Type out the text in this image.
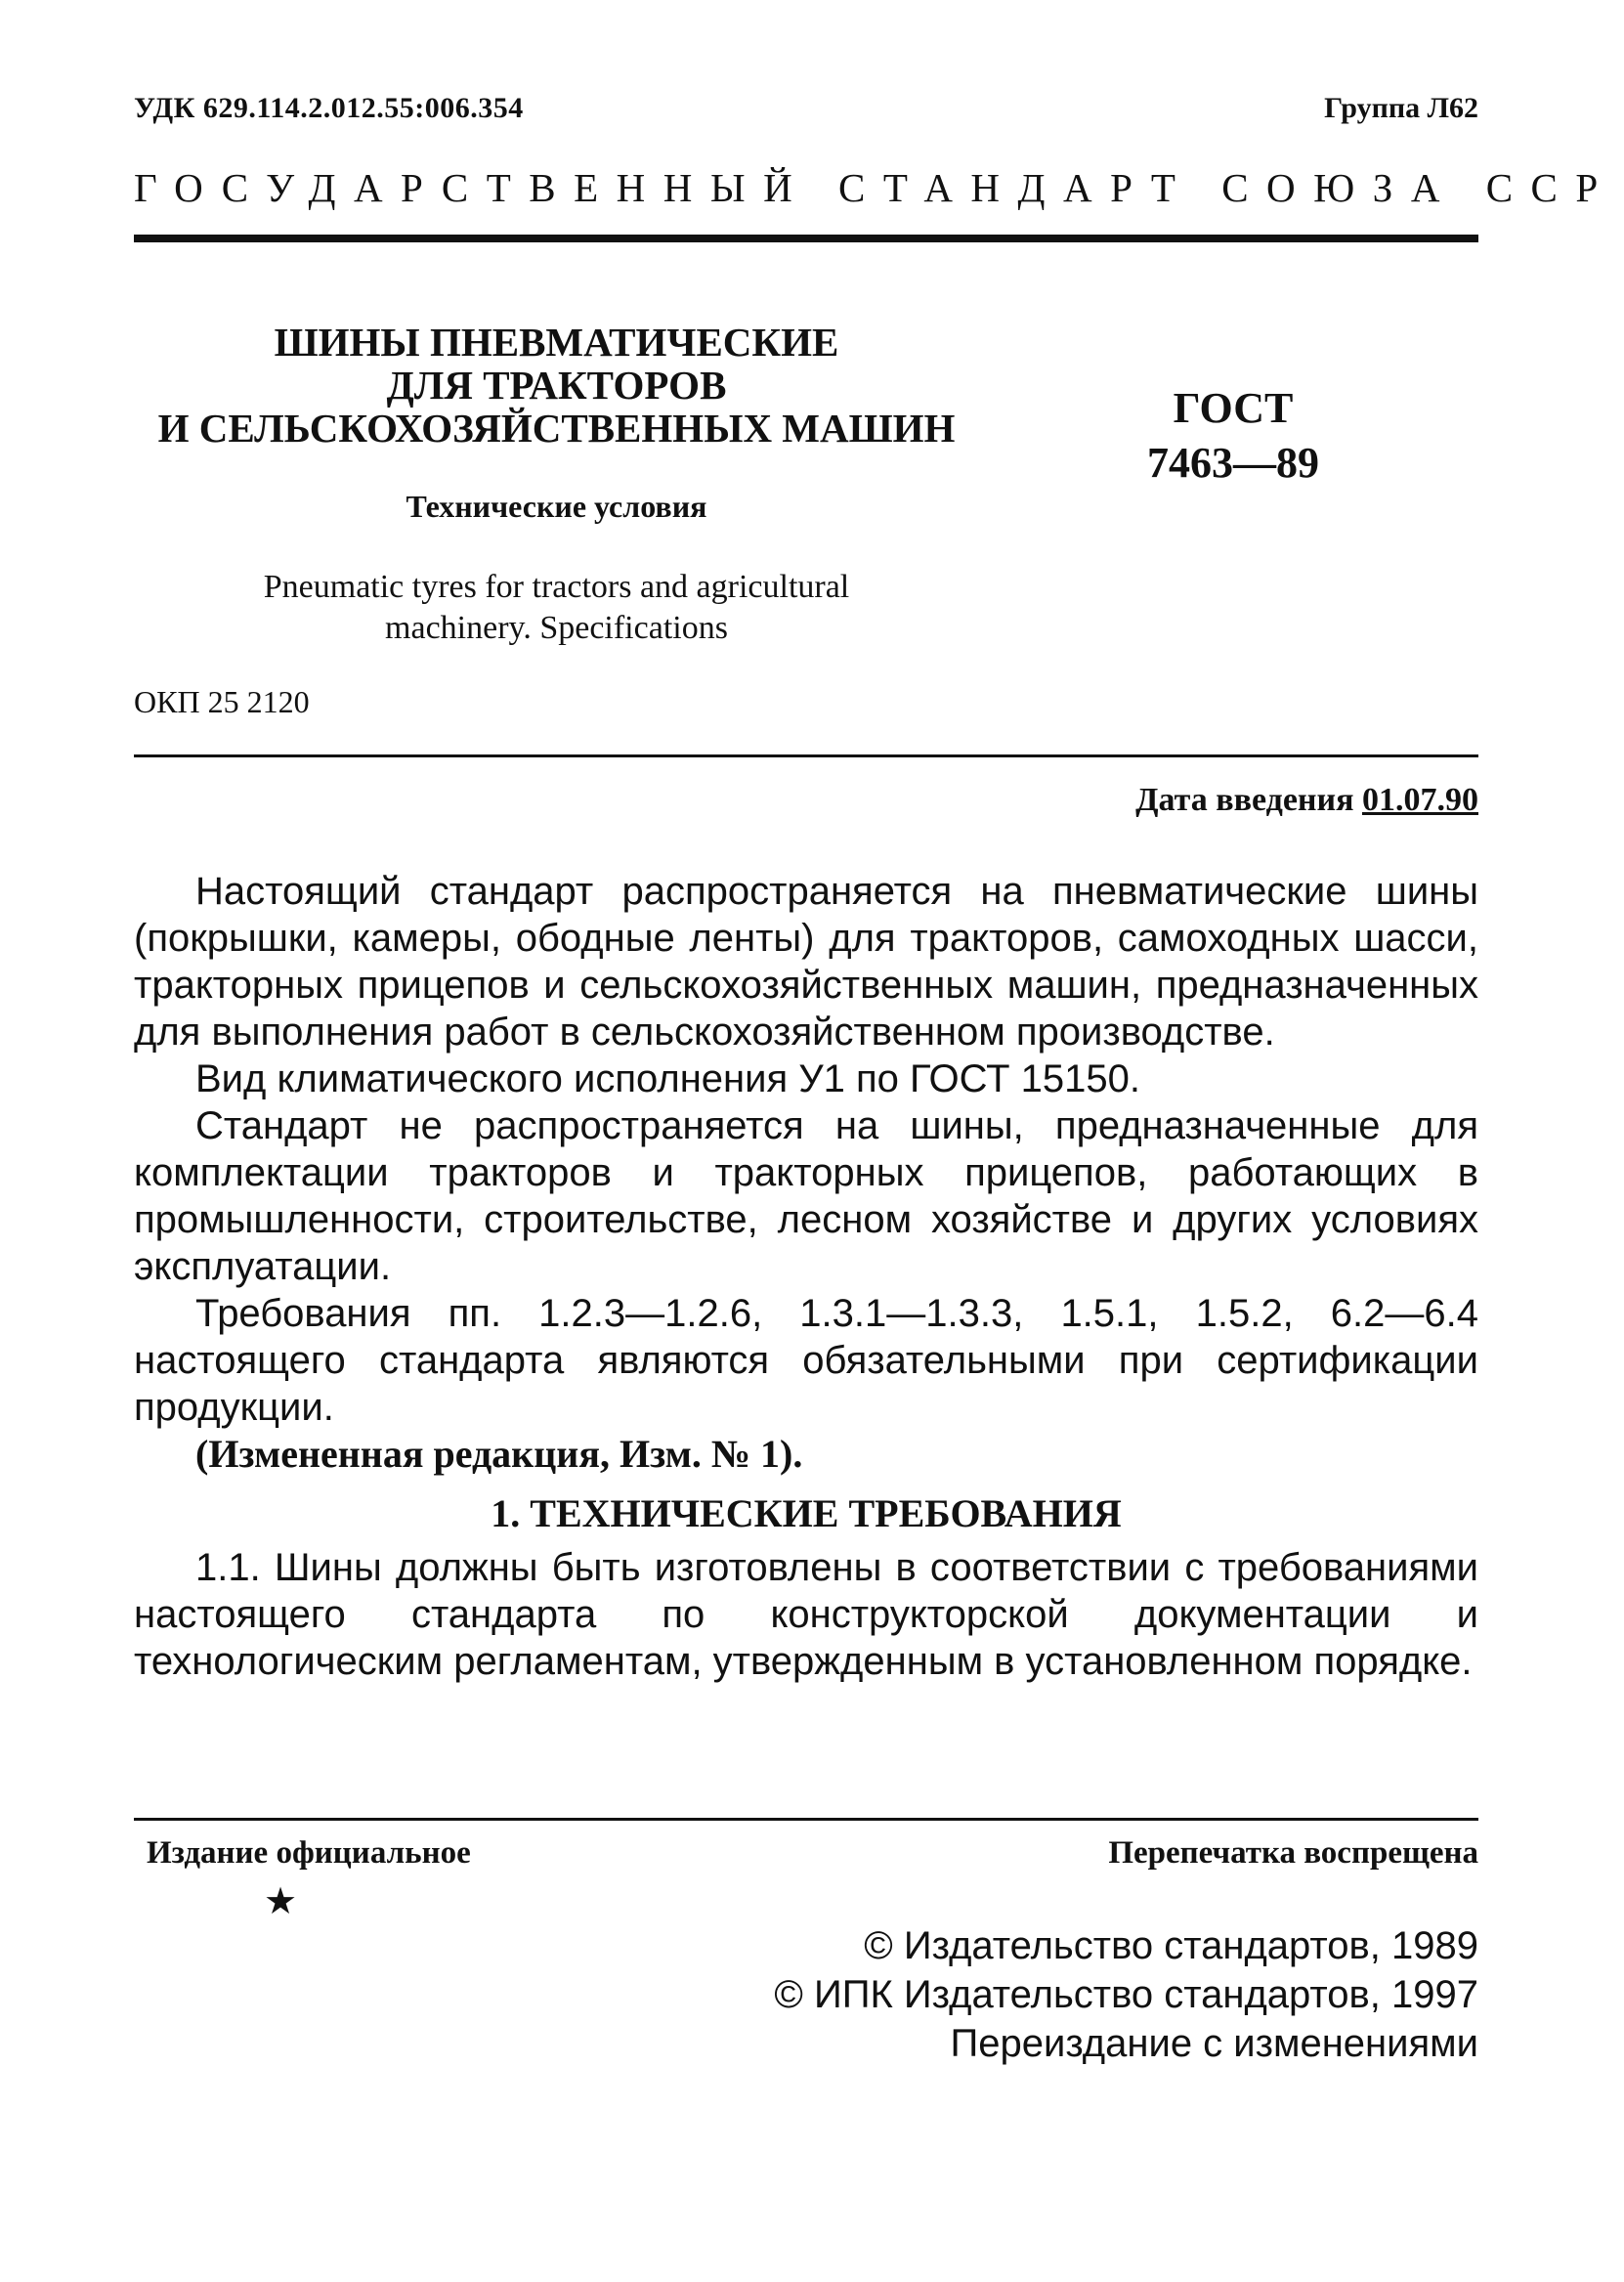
УДК 629.114.2.012.55:006.354	Группа Л62
ГОСУДАРСТВЕННЫЙ СТАНДАРТ СОЮЗА ССР
ШИНЫ ПНЕВМАТИЧЕСКИЕ
ДЛЯ ТРАКТОРОВ
И СЕЛЬСКОХОЗЯЙСТВЕННЫХ МАШИН	ГОСТ
7463—89
Технические условия
Pneumatic tyres for tractors and agricultural
machinery. Specifications
ОКП 25 2120
Дата введения 01.07.90

Настоящий стандарт распространяется на пневматические шины (покрышки, камеры, ободные ленты) для тракторов, самоходных шасси, тракторных прицепов и сельскохозяйственных машин, предназначенных для выполнения работ в сельскохозяйственном производстве.

Вид климатического исполнения У1 по ГОСТ 15150.

Стандарт не распространяется на шины, предназначенные для комплектации тракторов и тракторных прицепов, работающих в промышленности, строительстве, лесном хозяйстве и других условиях эксплуатации.

Требования пп. 1.2.3—1.2.6, 1.3.1—1.3.3, 1.5.1, 1.5.2, 6.2—6.4 настоящего стандарта являются обязательными при сертификации продукции.

(Измененная редакция, Изм. № 1).

1. ТЕХНИЧЕСКИЕ ТРЕБОВАНИЯ

1.1. Шины должны быть изготовлены в соответствии с требованиями настоящего стандарта по конструкторской документации и технологическим регламентам, утвержденным в установленном порядке.

Издание официальное	Перепечатка воспрещена
★
© Издательство стандартов, 1989
© ИПК Издательство стандартов, 1997
Переиздание с изменениями
